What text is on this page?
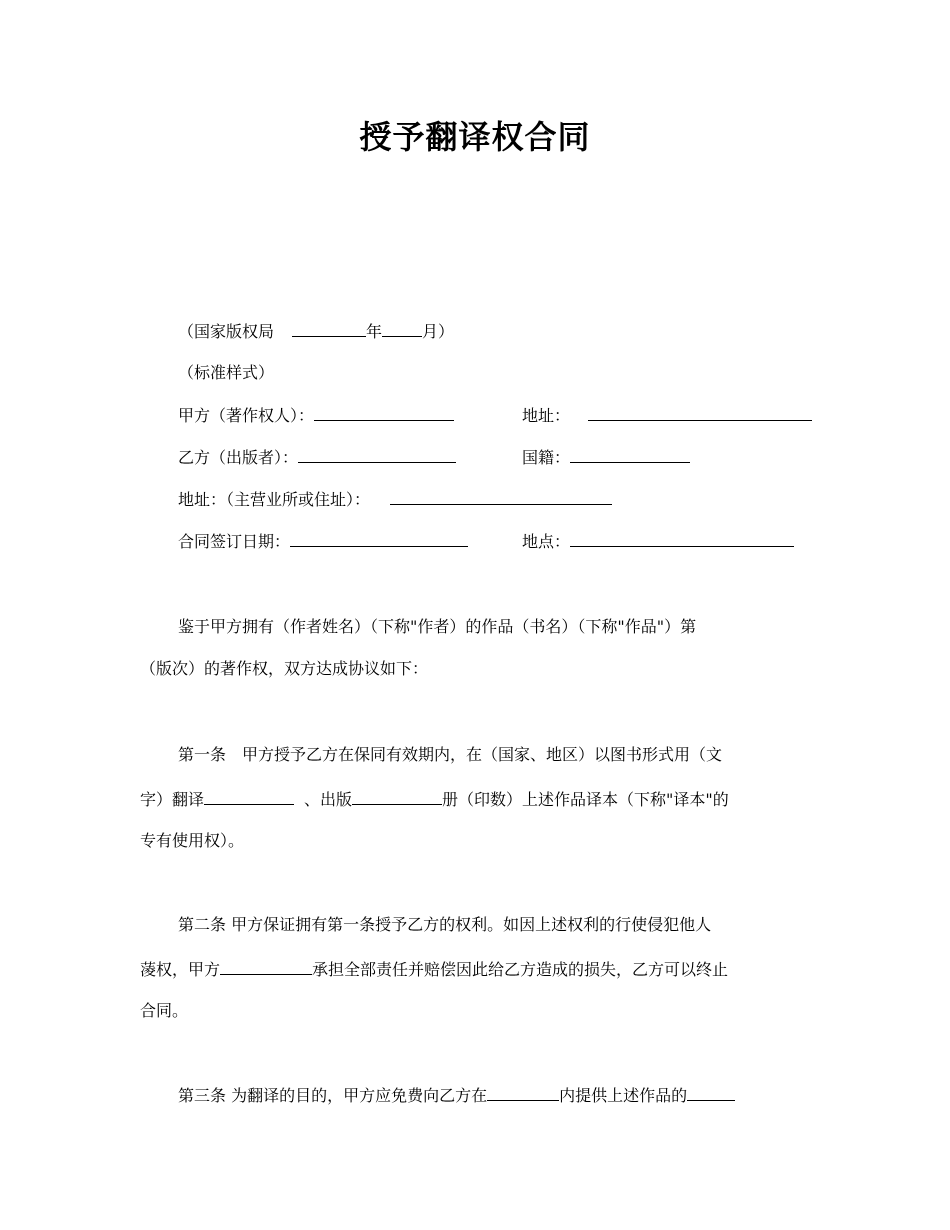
授予翻译权合同
（国家版权局	年	月）
（标准样式）
甲方（著作权人）：	地址：
乙方（出版者）：	国籍：
地址：（主营业所或住址）：
合同签订日期：	地点：
鉴于甲方拥有（作者姓名）（下称"作者）的作品（书名）（下称"作品"）第
（版次）的著作权，双方达成协议如下：
第一条　甲方授予乙方在保同有效期内，在（国家、地区）以图书形式用（文
字）翻译	、出版	册（印数）上述作品译本（下称"译本"的
专有使用权）。
第二条 甲方保证拥有第一条授予乙方的权利。如因上述权利的行使侵犯他人
蓤权，甲方	承担全部责任并赔偿因此给乙方造成的损失，乙方可以终止
合同。
第三条 为翻译的目的，甲方应免费向乙方在	内提供上述作品的
